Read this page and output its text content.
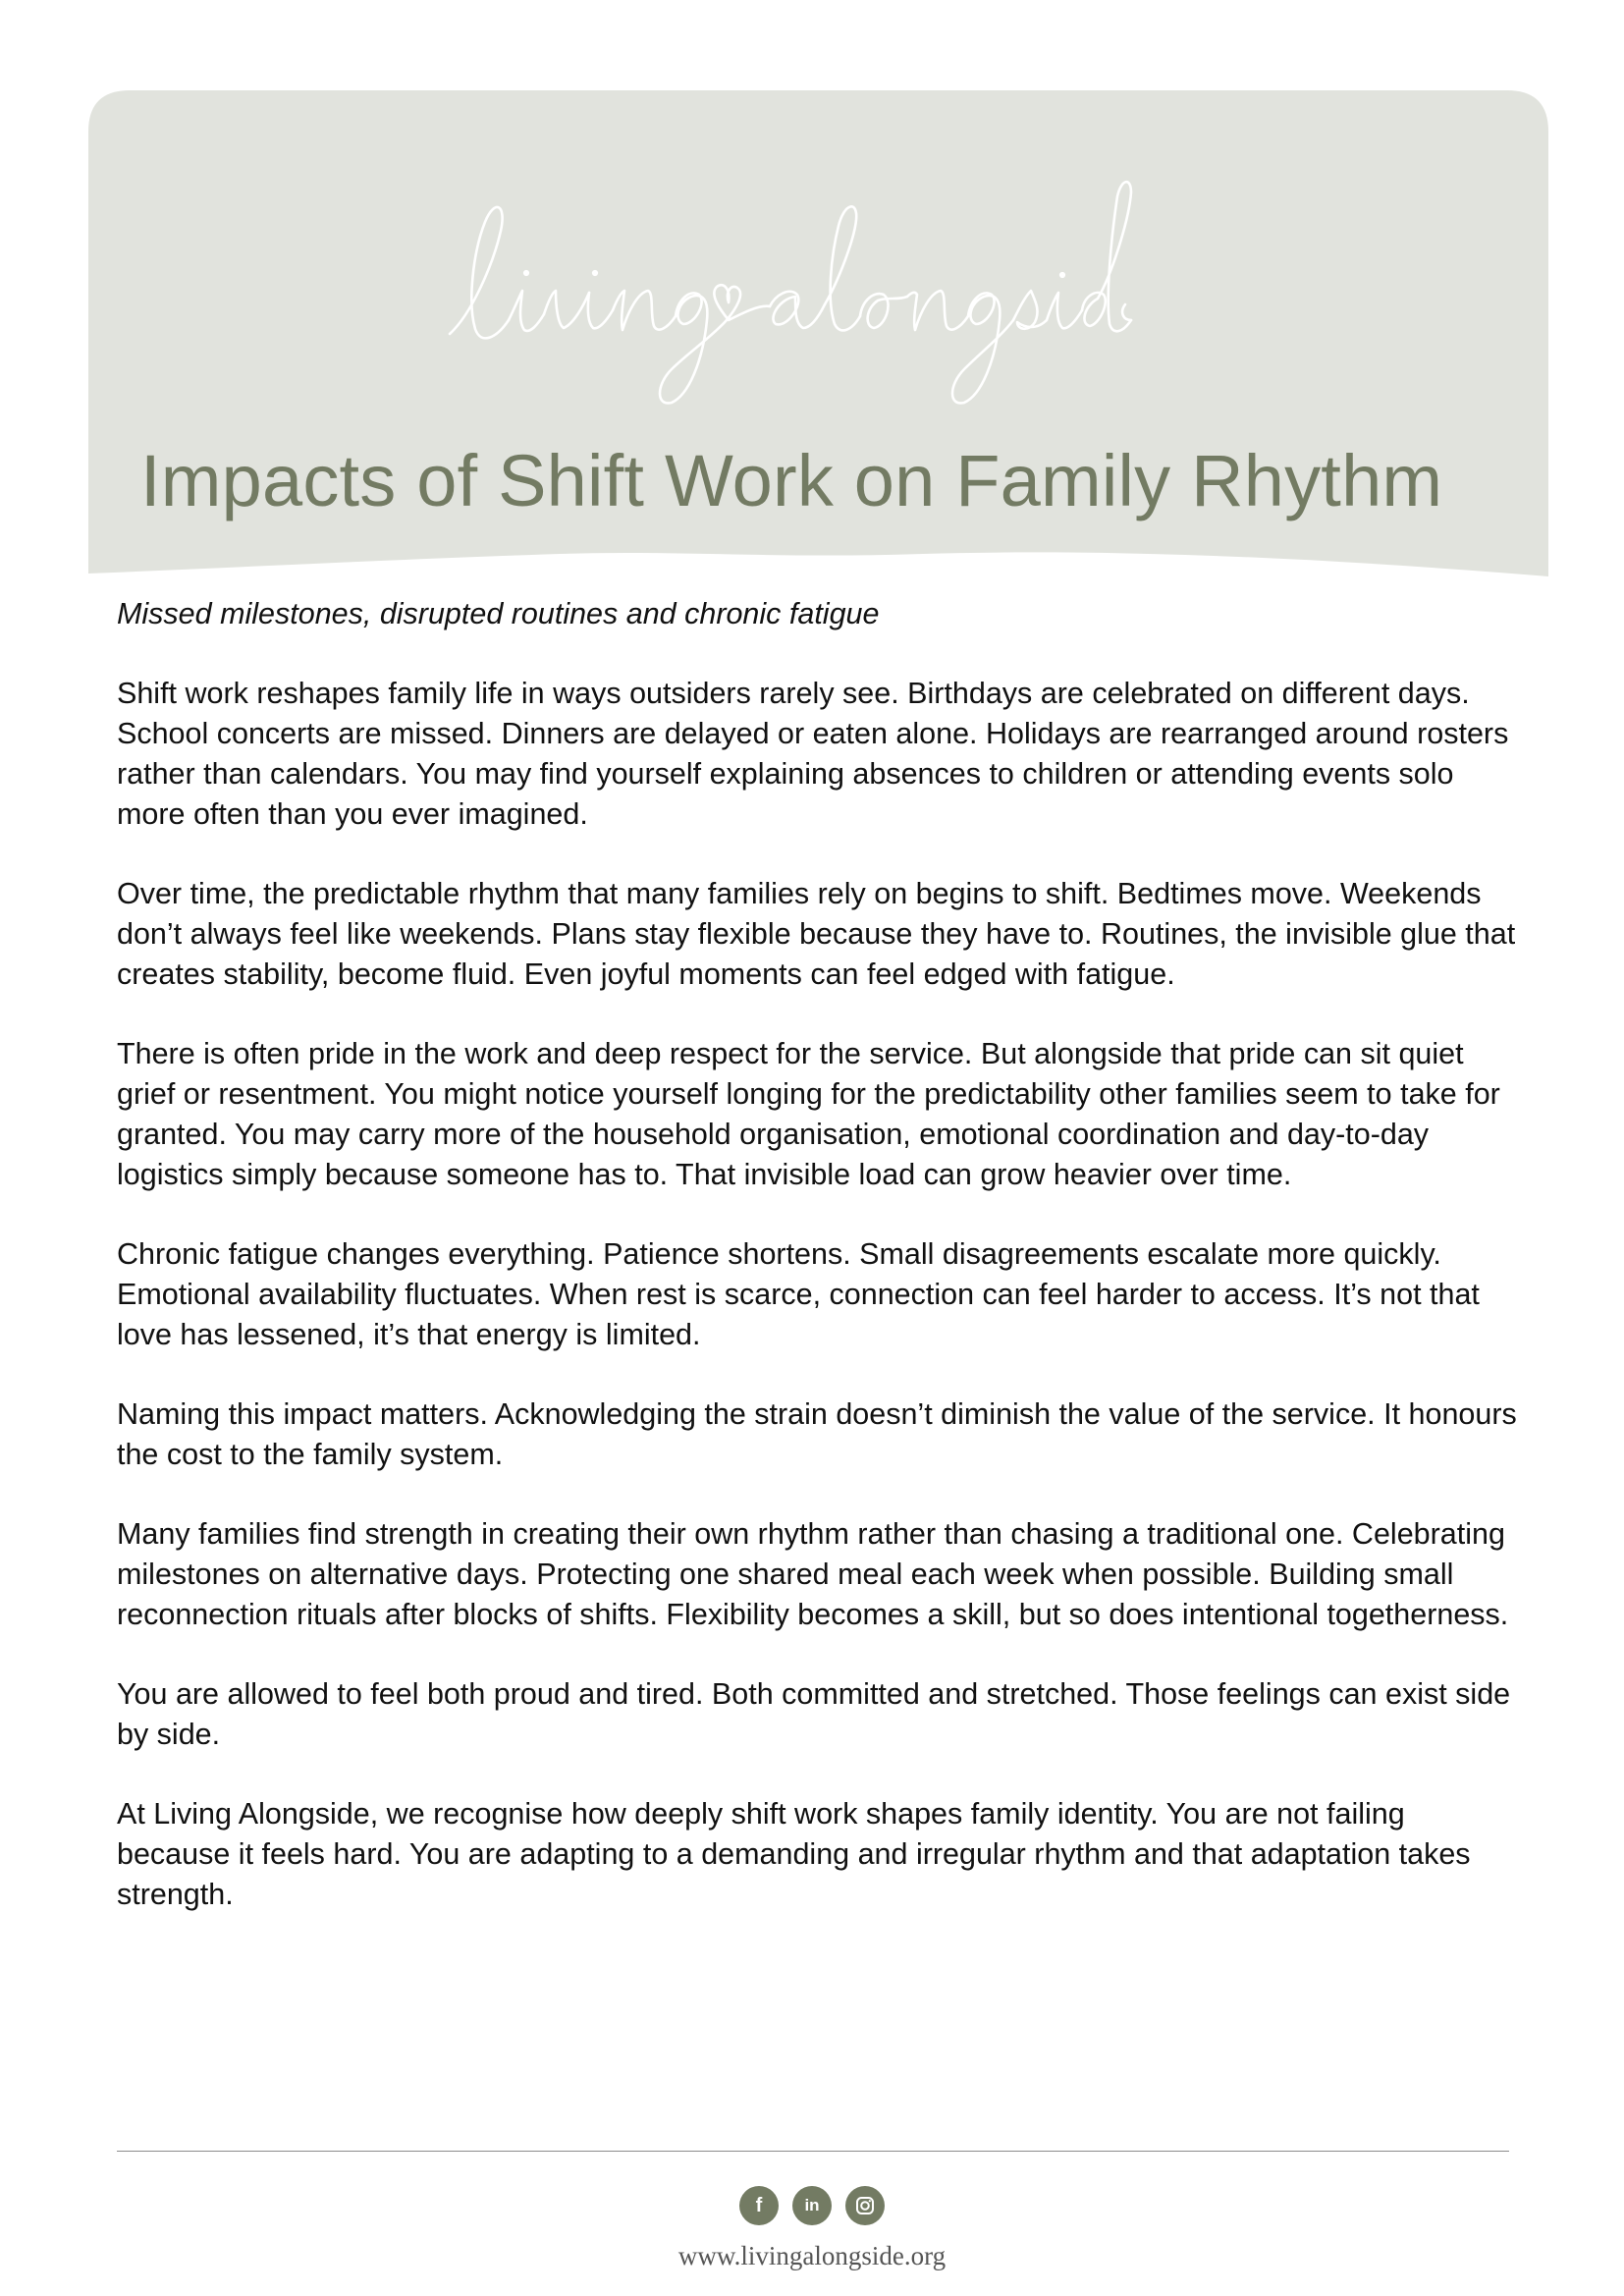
Impacts of Shift Work on Family Rhythm

Missed milestones, disrupted routines and chronic fatigue

Shift work reshapes family life in ways outsiders rarely see. Birthdays are celebrated on different days. School concerts are missed. Dinners are delayed or eaten alone. Holidays are rearranged around rosters rather than calendars. You may find yourself explaining absences to children or attending events solo more often than you ever imagined.

Over time, the predictable rhythm that many families rely on begins to shift. Bedtimes move. Weekends don’t always feel like weekends. Plans stay flexible because they have to. Routines, the invisible glue that creates stability, become fluid. Even joyful moments can feel edged with fatigue.

There is often pride in the work and deep respect for the service. But alongside that pride can sit quiet grief or resentment. You might notice yourself longing for the predictability other families seem to take for granted. You may carry more of the household organisation, emotional coordination and day-to-day logistics simply because someone has to. That invisible load can grow heavier over time.

Chronic fatigue changes everything. Patience shortens. Small disagreements escalate more quickly. Emotional availability fluctuates. When rest is scarce, connection can feel harder to access. It’s not that love has lessened, it’s that energy is limited.

Naming this impact matters. Acknowledging the strain doesn’t diminish the value of the service. It honours the cost to the family system.

Many families find strength in creating their own rhythm rather than chasing a traditional one. Celebrating milestones on alternative days. Protecting one shared meal each week when possible. Building small reconnection rituals after blocks of shifts. Flexibility becomes a skill, but so does intentional togetherness.

You are allowed to feel both proud and tired. Both committed and stretched. Those feelings can exist side by side.

At Living Alongside, we recognise how deeply shift work shapes family identity. You are not failing because it feels hard. You are adapting to a demanding and irregular rhythm and that adaptation takes strength.

f	in
www.livingalongside.org
